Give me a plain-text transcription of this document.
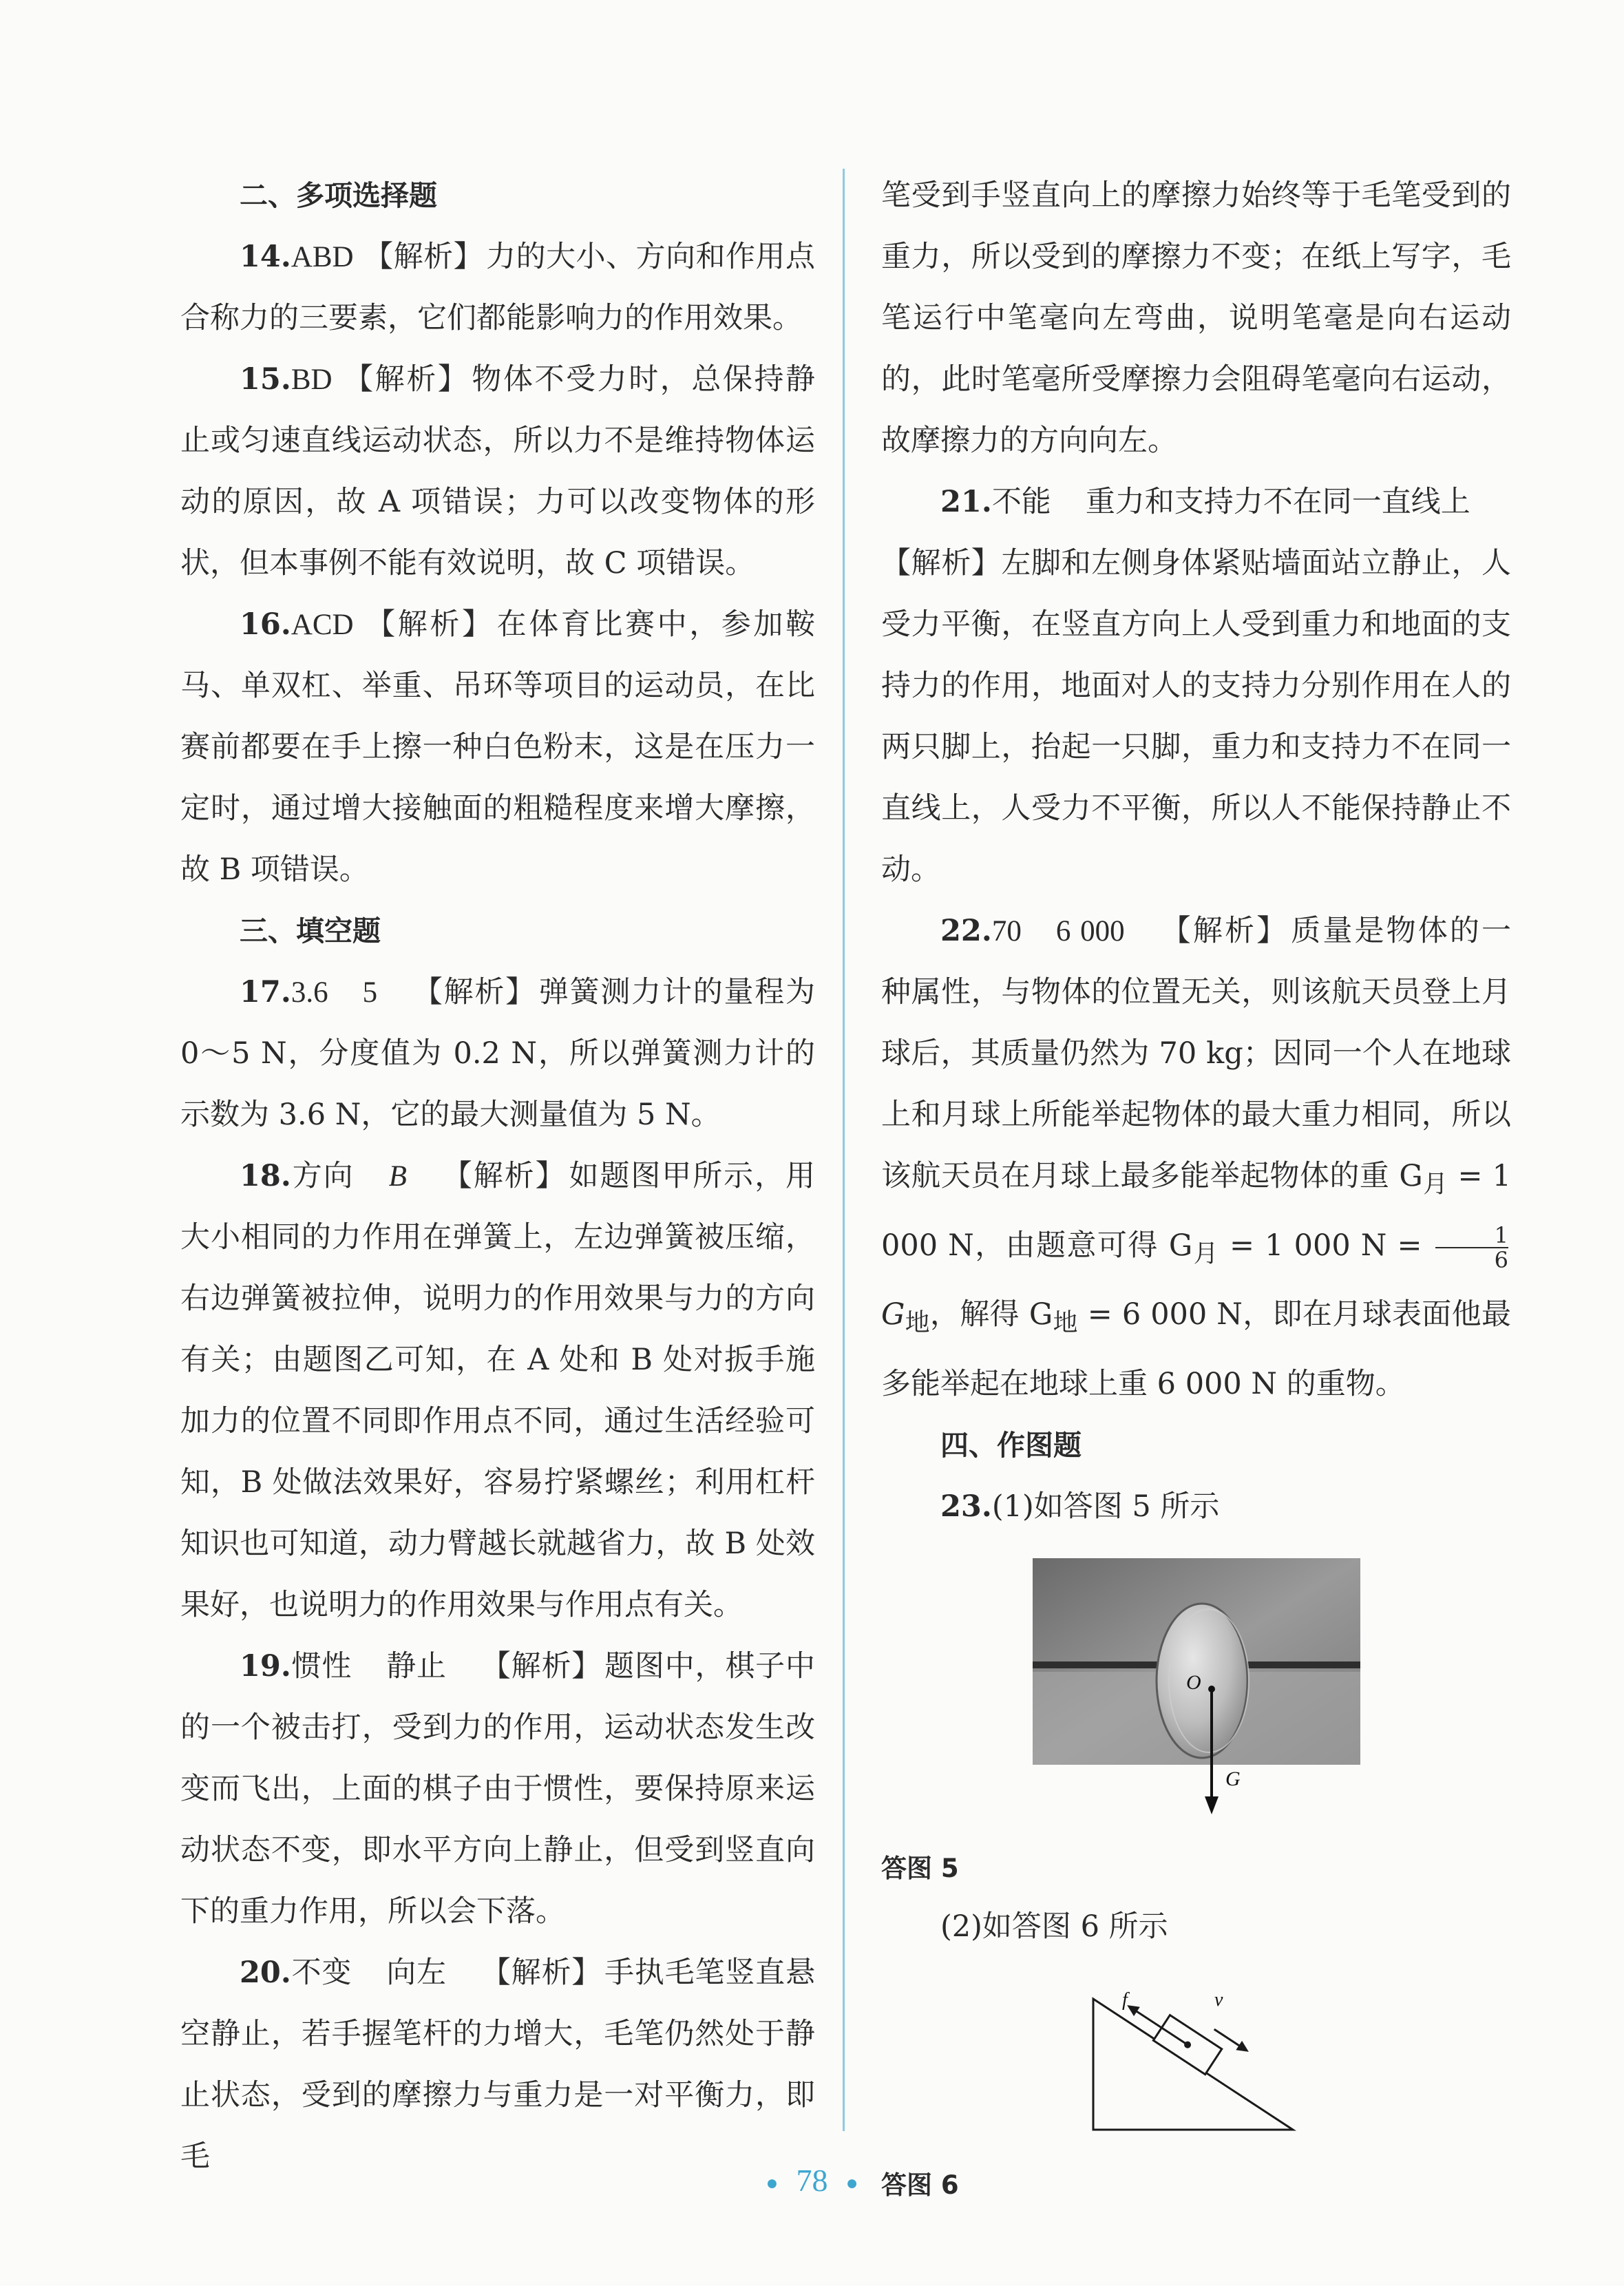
二、多项选择题

14.ABD 【解析】力的大小、方向和作用点合称力的三要素，它们都能影响力的作用效果。

15.BD 【解析】物体不受力时，总保持静止或匀速直线运动状态，所以力不是维持物体运动的原因，故 A 项错误；力可以改变物体的形状，但本事例不能有效说明，故 C 项错误。

16.ACD 【解析】在体育比赛中，参加鞍马、单双杠、举重、吊环等项目的运动员，在比赛前都要在手上擦一种白色粉末，这是在压力一定时，通过增大接触面的粗糙程度来增大摩擦，故 B 项错误。

三、填空题

17.3.6 5 【解析】弹簧测力计的量程为 0～5 N，分度值为 0.2 N，所以弹簧测力计的示数为 3.6 N，它的最大测量值为 5 N。

18.方向 B 【解析】如题图甲所示，用大小相同的力作用在弹簧上，左边弹簧被压缩，右边弹簧被拉伸，说明力的作用效果与力的方向有关；由题图乙可知，在 A 处和 B 处对扳手施加力的位置不同即作用点不同，通过生活经验可知，B 处做法效果好，容易拧紧螺丝；利用杠杆知识也可知道，动力臂越长就越省力，故 B 处效果好，也说明力的作用效果与作用点有关。

19.惯性 静止 【解析】题图中，棋子中的一个被击打，受到力的作用，运动状态发生改变而飞出，上面的棋子由于惯性，要保持原来运动状态不变，即水平方向上静止，但受到竖直向下的重力作用，所以会下落。

20.不变 向左 【解析】手执毛笔竖直悬空静止，若手握笔杆的力增大，毛笔仍然处于静止状态，受到的摩擦力与重力是一对平衡力，即毛

笔受到手竖直向上的摩擦力始终等于毛笔受到的重力，所以受到的摩擦力不变；在纸上写字，毛笔运行中笔毫向左弯曲，说明笔毫是向右运动的，此时笔毫所受摩擦力会阻碍笔毫向右运动，故摩擦力的方向向左。

21.不能 重力和支持力不在同一直线上
【解析】左脚和左侧身体紧贴墙面站立静止，人受力平衡，在竖直方向上人受到重力和地面的支持力的作用，地面对人的支持力分别作用在人的两只脚上，抬起一只脚，重力和支持力不在同一直线上，人受力不平衡，所以人不能保持静止不动。

22.70 6 000 【解析】质量是物体的一种属性，与物体的位置无关，则该航天员登上月球后，其质量仍然为 70 kg；因同一个人在地球上和月球上所能举起物体的最大重力相同，所以该航天员在月球上最多能举起物体的重 $G_月 = 1$ 000 N，由题意可得 $G_月 = 1$ 000 $N = \frac{1}{6}$
$G_地$，解得 $G_地 = 6$ 000 N，即在月球表面他最多能举起在地球上重 6 000 N 的重物。

四、作图题

23.(1)如答图 5 所示

O
G

答图 5

(2)如答图 6 所示

f	v

答图 6

● 78 ●
